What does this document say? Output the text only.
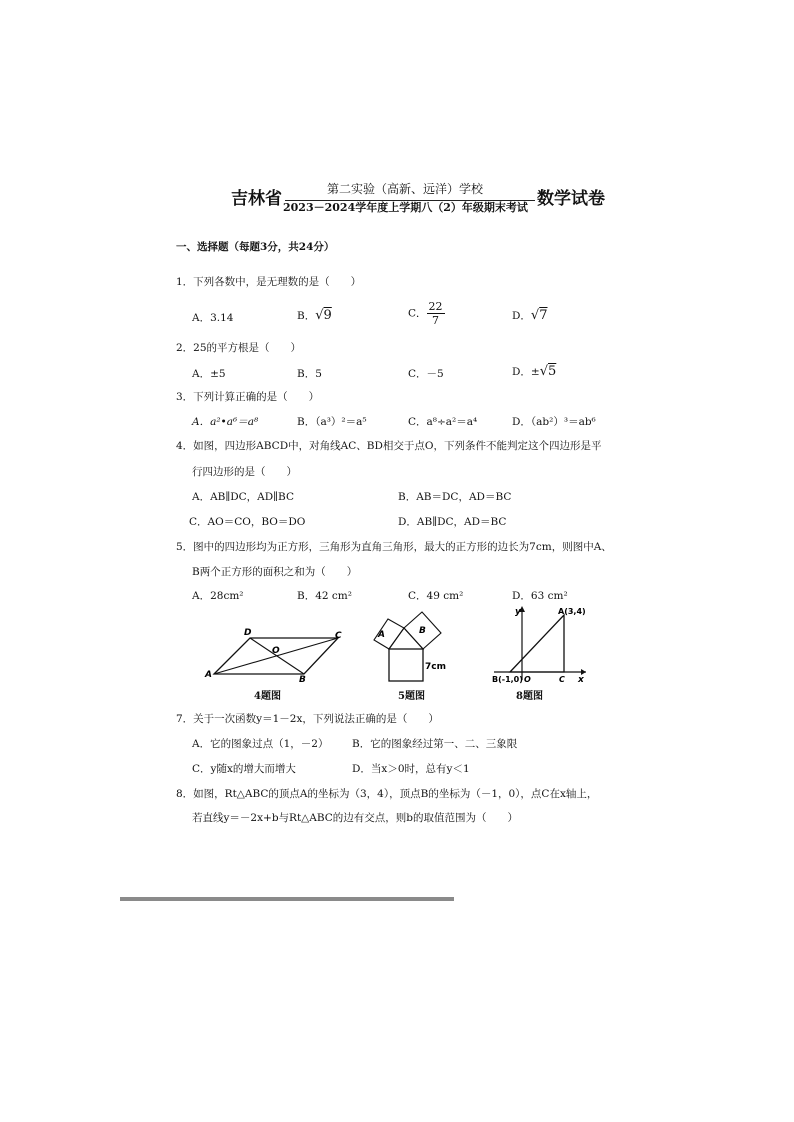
吉林省	第二实验（高新、远洋）学校	数学试卷
2023－2024学年度上学期八（2）年级期末考试
一、选择题（每题3分，共24分）
1．下列各数中，是无理数的是（　　）
A．3.14	B．√9	C． $\frac{22}{7}$	D．√7
2．25的平方根是（　　）
A．±5	B．5	C．－5	D．±√5
3．下列计算正确的是（　　）
A．a²•a⁶＝a⁸	B．（a³）²＝a⁵	C．a⁸÷a²＝a⁴	D．（ab²）³＝ab⁶
4．如图，四边形ABCD中，对角线AC、BD相交于点O，下列条件不能判定这个四边形是平
行四边形的是（　　）
A．AB∥DC，AD∥BC	B．AB＝DC，AD＝BC
C．AO＝CO，BO＝DO	D．AB∥DC，AD＝BC
5．图中的四边形均为正方形，三角形为直角三角形，最大的正方形的边长为7cm，则图中A、
B两个正方形的面积之和为（　　）
A．28cm²	B．42 cm²	C．49 cm²	D．63 cm²
A
D	C
B
O
4题图
A	B
7cm
5题图
y
x
A(3,4)
B(-1,0) O	C
8题图
7．关于一次函数y＝1－2x，下列说法正确的是（　　）
A．它的图象过点（1，－2） B．它的图象经过第一、二、三象限
C．y随x的增大而增大	D．当x＞0时，总有y＜1
8．如图，Rt△ABC的顶点A的坐标为（3，4），顶点B的坐标为（－1，0），点C在x轴上，
若直线y＝－2x+b与Rt△ABC的边有交点，则b的取值范围为（　　）
